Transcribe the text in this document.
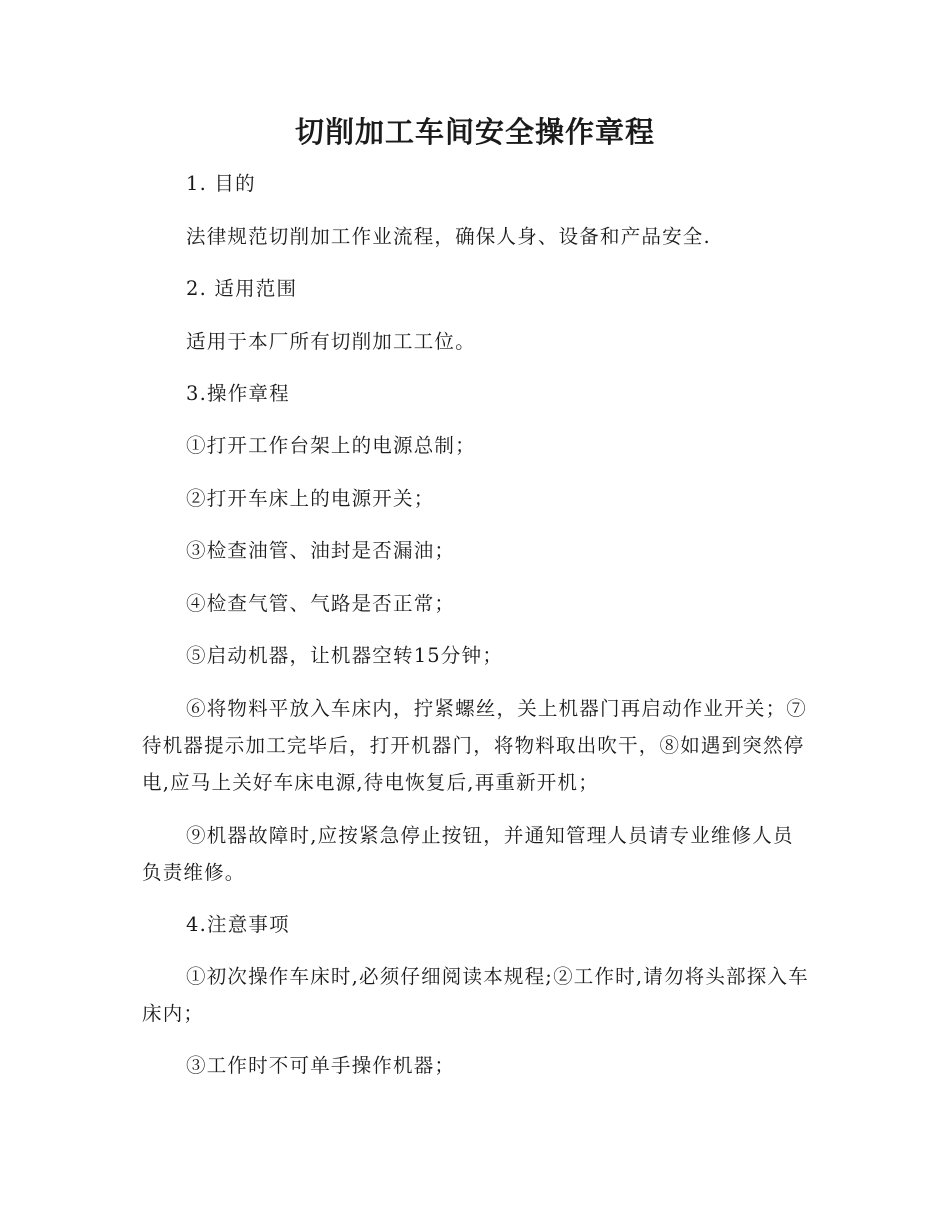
切削加工车间安全操作章程

1. 目的

法律规范切削加工作业流程，确保人身、设备和产品安全.

2. 适用范围

适用于本厂所有切削加工工位。

3.操作章程

①打开工作台架上的电源总制；

②打开车床上的电源开关；

③检查油管、油封是否漏油；

④检查气管、气路是否正常；

⑤启动机器，让机器空转15分钟；

⑥将物料平放入车床内，拧紧螺丝，关上机器门再启动作业开关；⑦待机器提示加工完毕后，打开机器门，将物料取出吹干，⑧如遇到突然停电,应马上关好车床电源,待电恢复后,再重新开机；

⑨机器故障时,应按紧急停止按钮，并通知管理人员请专业维修人员负责维修。

4.注意事项

①初次操作车床时,必须仔细阅读本规程;②工作时,请勿将头部探入车床内；

③工作时不可单手操作机器；
